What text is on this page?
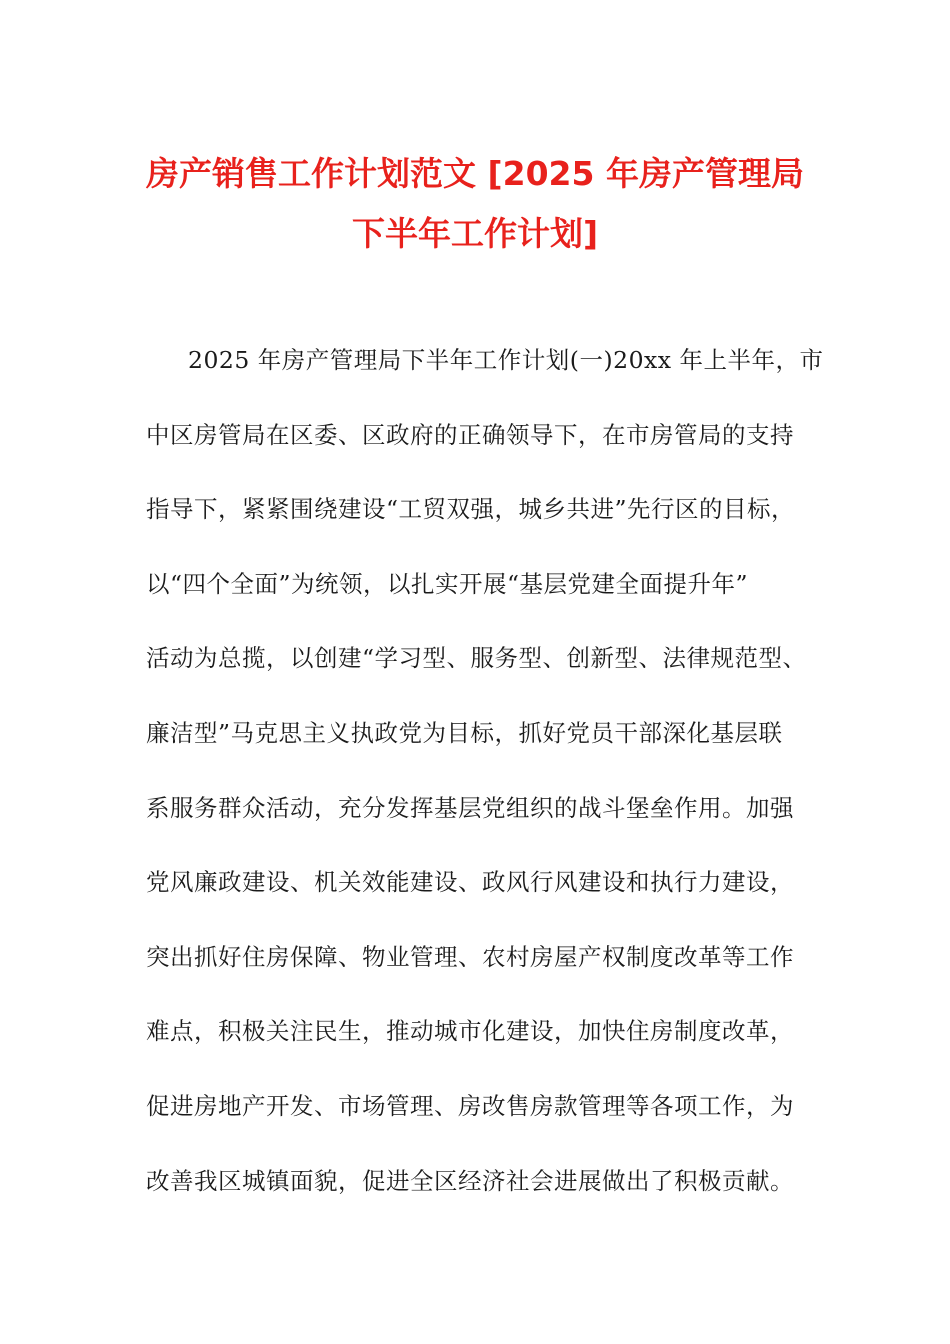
房产销售工作计划范文 [2025 年房产管理局
下半年工作计划]
2025 年房产管理局下半年工作计划(一)20xx 年上半年，市
中区房管局在区委、区政府的正确领导下，在市房管局的支持
指导下，紧紧围绕建设“工贸双强，城乡共进”先行区的目标，
以“四个全面”为统领，以扎实开展“基层党建全面提升年”
活动为总揽，以创建“学习型、服务型、创新型、法律规范型、
廉洁型”马克思主义执政党为目标，抓好党员干部深化基层联
系服务群众活动，充分发挥基层党组织的战斗堡垒作用。加强
党风廉政建设、机关效能建设、政风行风建设和执行力建设，
突出抓好住房保障、物业管理、农村房屋产权制度改革等工作
难点，积极关注民生，推动城市化建设，加快住房制度改革，
促进房地产开发、市场管理、房改售房款管理等各项工作，为
改善我区城镇面貌，促进全区经济社会进展做出了积极贡献。
